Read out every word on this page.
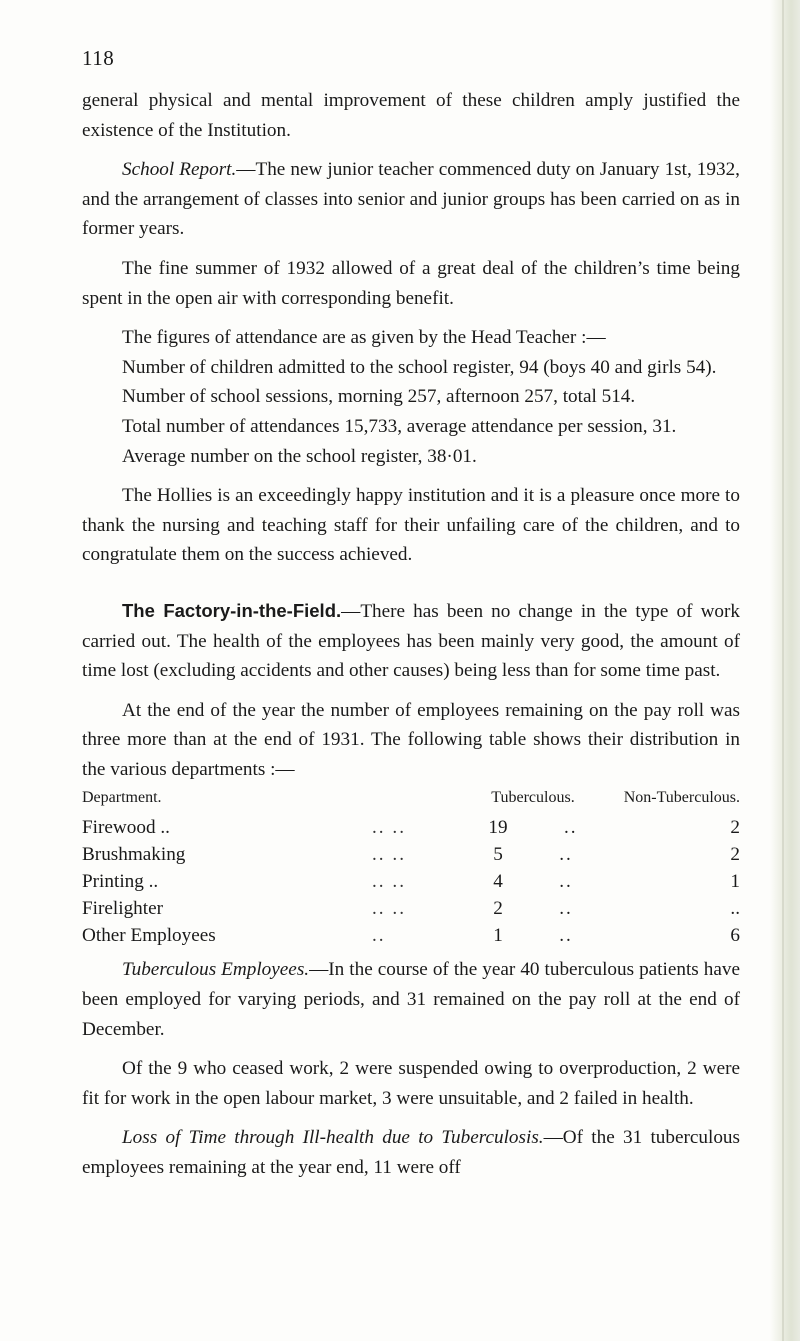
118

general physical and mental improvement of these children amply justified the existence of the Institution.

School Report.—The new junior teacher commenced duty on January 1st, 1932, and the arrangement of classes into senior and junior groups has been carried on as in former years.

The fine summer of 1932 allowed of a great deal of the children’s time being spent in the open air with corresponding benefit.

The figures of attendance are as given by the Head Teacher :—

Number of children admitted to the school register, 94 (boys 40 and girls 54).
Number of school sessions, morning 257, afternoon 257, total 514.
Total number of attendances 15,733, average attendance per session, 31.
Average number on the school register, 38·01.

The Hollies is an exceedingly happy institution and it is a pleasure once more to thank the nursing and teaching staff for their unfailing care of the children, and to congratulate them on the success achieved.

The Factory-in-the-Field.—There has been no change in the type of work carried out. The health of the employees has been mainly very good, the amount of time lost (excluding accidents and other causes) being less than for some time past.

At the end of the year the number of employees remaining on the pay roll was three more than at the end of 1931. The following table shows their distribution in the various departments :—

Department.		Tuberculous.	Non-Tuberculous.
Firewood ..	.. ..	19 ..	2
Brushmaking	.. ..	5 ..	2
Printing ..	.. ..	4 ..	1
Firelighter	.. ..	2 ..	..
Other Employees	..	1 ..	6

Tuberculous Employees.—In the course of the year 40 tuberculous patients have been employed for varying periods, and 31 remained on the pay roll at the end of December.

Of the 9 who ceased work, 2 were suspended owing to overproduction, 2 were fit for work in the open labour market, 3 were unsuitable, and 2 failed in health.

Loss of Time through Ill-health due to Tuberculosis.—Of the 31 tuberculous employees remaining at the year end, 11 were off
